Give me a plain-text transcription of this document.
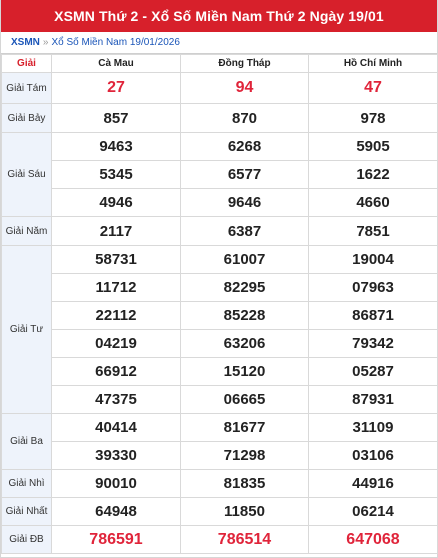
XSMN Thứ 2 - Xổ Số Miền Nam Thứ 2 Ngày 19/01
XSMN » Xổ Số Miền Nam 19/01/2026
Giải	Cà Mau	Đồng Tháp	Hồ Chí Minh
Giải Tám	27	94	47
Giải Bảy	857	870	978
Giải Sáu	9463	6268	5905
	5345	6577	1622
	4946	9646	4660
Giải Năm	2117	6387	7851
Giải Tư	58731	61007	19004
	11712	82295	07963
	22112	85228	86871
	04219	63206	79342
	66912	15120	05287
	47375	06665	87931
Giải Ba	40414	81677	31109
	39330	71298	03106
Giải Nhì	90010	81835	44916
Giải Nhất	64948	11850	06214
Giải ĐB	786591	786514	647068
